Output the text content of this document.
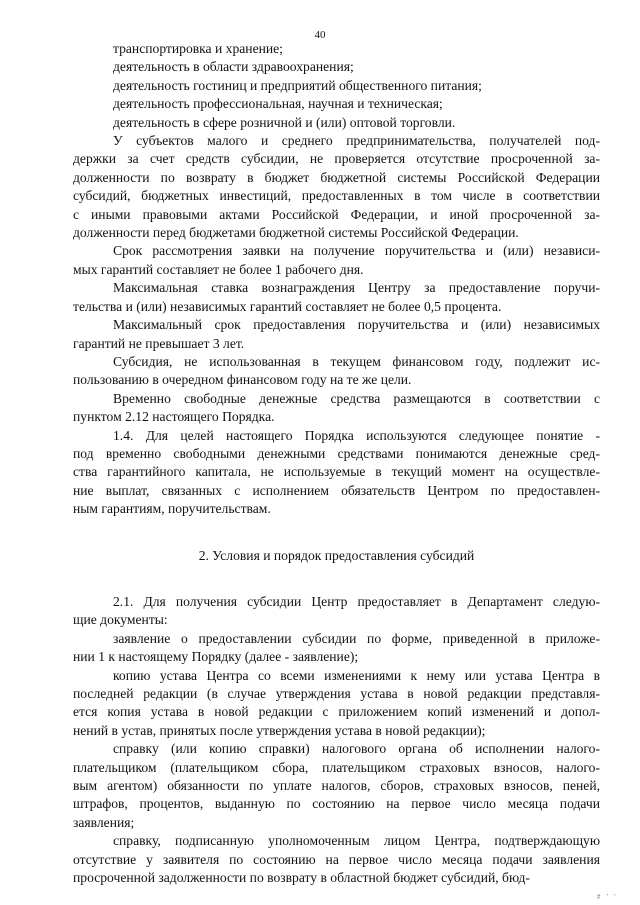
40

транспортировка и хранение;

деятельность в области здравоохранения;

деятельность гостиниц и предприятий общественного питания;

деятельность профессиональная, научная и техническая;

деятельность в сфере розничной и (или) оптовой торговли.

У субъектов малого и среднего предпринимательства, получателей под-
держки за счет средств субсидии, не проверяется отсутствие просроченной за-
долженности по возврату в бюджет бюджетной системы Российской Федерации
субсидий, бюджетных инвестиций, предоставленных в том числе в соответствии
с иными правовыми актами Российской Федерации, и иной просроченной за-
долженности перед бюджетами бюджетной системы Российской Федерации.

Срок рассмотрения заявки на получение поручительства и (или) независи-
мых гарантий составляет не более 1 рабочего дня.

Максимальная ставка вознаграждения Центру за предоставление поручи-
тельства и (или) независимых гарантий составляет не более 0,5 процента.

Максимальный срок предоставления поручительства и (или) независимых
гарантий не превышает 3 лет.

Субсидия, не использованная в текущем финансовом году, подлежит ис-
пользованию в очередном финансовом году на те же цели.

Временно свободные денежные средства размещаются в соответствии с
пунктом 2.12 настоящего Порядка.

1.4. Для целей настоящего Порядка используются следующее понятие -
под временно свободными денежными средствами понимаются денежные сред-
ства гарантийного капитала, не используемые в текущий момент на осуществле-
ние выплат, связанных с исполнением обязательств Центром по предоставлен-
ным гарантиям, поручительствам.

2. Условия и порядок предоставления субсидий

2.1. Для получения субсидии Центр предоставляет в Департамент следую-
щие документы:

заявление о предоставлении субсидии по форме, приведенной в приложе-
нии 1 к настоящему Порядку (далее - заявление);

копию устава Центра со всеми изменениями к нему или устава Центра в
последней редакции (в случае утверждения устава в новой редакции представля-
ется копия устава в новой редакции с приложением копий изменений и допол-
нений в устав, принятых после утверждения устава в новой редакции);

справку (или копию справки) налогового органа об исполнении налого-
плательщиком (плательщиком сбора, плательщиком страховых взносов, налого-
вым агентом) обязанности по уплате налогов, сборов, страховых взносов, пеней,
штрафов, процентов, выданную по состоянию на первое число месяца подачи
заявления;

справку, подписанную уполномоченным лицом Центра, подтверждающую
отсутствие у заявителя по состоянию на первое число месяца подачи заявления
просроченной задолженности по возврату в областной бюджет субсидий, бюд-

# ’ ’
